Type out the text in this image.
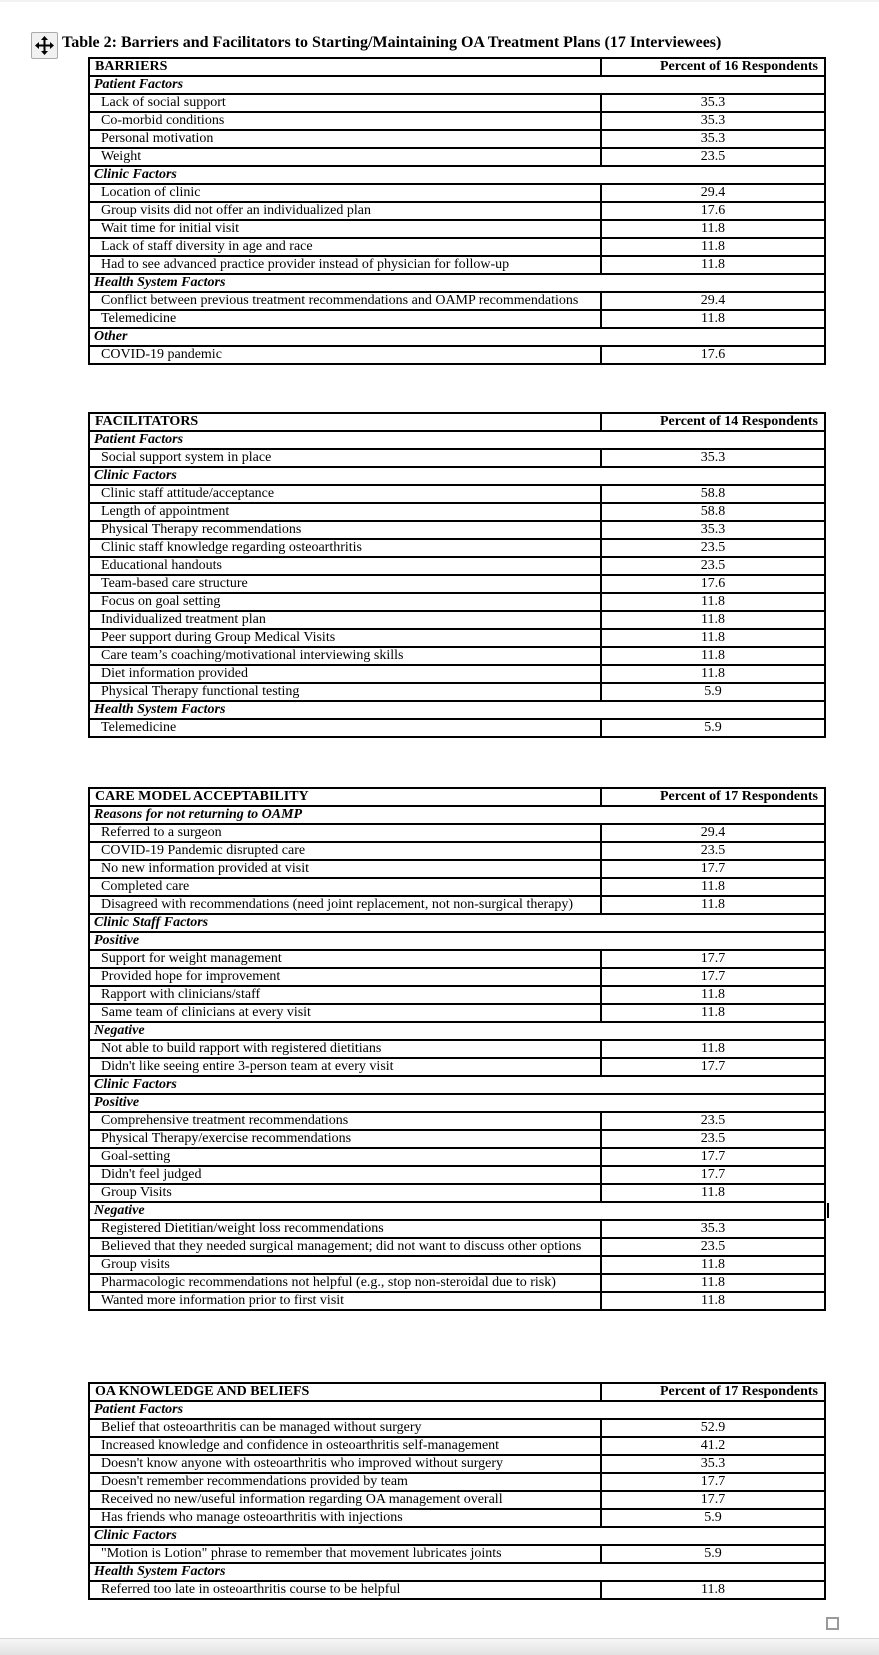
Table 2: Barriers and Facilitators to Starting/Maintaining OA Treatment Plans (17 Interviewees)
BARRIERS	Percent of 16 Respondents
Patient Factors	
Lack of social support	35.3
Co-morbid conditions	35.3
Personal motivation	35.3
Weight	23.5
Clinic Factors	
Location of clinic	29.4
Group visits did not offer an individualized plan	17.6
Wait time for initial visit	11.8
Lack of staff diversity in age and race	11.8
Had to see advanced practice provider instead of physician for follow-up	11.8
Health System Factors	
Conflict between previous treatment recommendations and OAMP recommendations	29.4
Telemedicine	11.8
Other	
COVID-19 pandemic	17.6
FACILITATORS	Percent of 14 Respondents
Patient Factors	
Social support system in place	35.3
Clinic Factors	
Clinic staff attitude/acceptance	58.8
Length of appointment	58.8
Physical Therapy recommendations	35.3
Clinic staff knowledge regarding osteoarthritis	23.5
Educational handouts	23.5
Team-based care structure	17.6
Focus on goal setting	11.8
Individualized treatment plan	11.8
Peer support during Group Medical Visits	11.8
Care team’s coaching/motivational interviewing skills	11.8
Diet information provided	11.8
Physical Therapy functional testing	5.9
Health System Factors	
Telemedicine	5.9
CARE MODEL ACCEPTABILITY	Percent of 17 Respondents
Reasons for not returning to OAMP	
Referred to a surgeon	29.4
COVID-19 Pandemic disrupted care	23.5
No new information provided at visit	17.7
Completed care	11.8
Disagreed with recommendations (need joint replacement, not non-surgical therapy)	11.8
Clinic Staff Factors	
Positive	
Support for weight management	17.7
Provided hope for improvement	17.7
Rapport with clinicians/staff	11.8
Same team of clinicians at every visit	11.8
Negative	
Not able to build rapport with registered dietitians	11.8
Didn't like seeing entire 3-person team at every visit	17.7
Clinic Factors	
Positive	
Comprehensive treatment recommendations	23.5
Physical Therapy/exercise recommendations	23.5
Goal-setting	17.7
Didn't feel judged	17.7
Group Visits	11.8
Negative	
Registered Dietitian/weight loss recommendations	35.3
Believed that they needed surgical management; did not want to discuss other options	23.5
Group visits	11.8
Pharmacologic recommendations not helpful (e.g., stop non-steroidal due to risk)	11.8
Wanted more information prior to first visit	11.8
OA KNOWLEDGE AND BELIEFS	Percent of 17 Respondents
Patient Factors	
Belief that osteoarthritis can be managed without surgery	52.9
Increased knowledge and confidence in osteoarthritis self-management	41.2
Doesn't know anyone with osteoarthritis who improved without surgery	35.3
Doesn't remember recommendations provided by team	17.7
Received no new/useful information regarding OA management overall	17.7
Has friends who manage osteoarthritis with injections	5.9
Clinic Factors	
"Motion is Lotion" phrase to remember that movement lubricates joints	5.9
Health System Factors	
Referred too late in osteoarthritis course to be helpful	11.8
